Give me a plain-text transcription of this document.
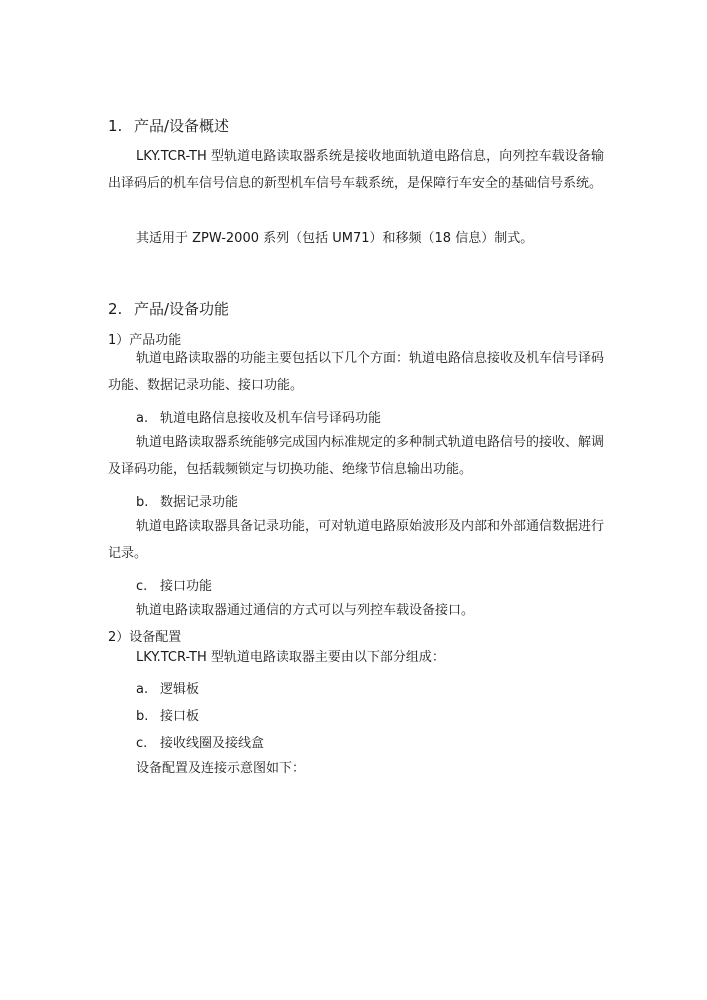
1. 产品/设备概述

LKY.TCR-TH 型轨道电路读取器系统是接收地面轨道电路信息，向列控车载设备输出译码后的机车信号信息的新型机车信号车载系统，是保障行车安全的基础信号系统。

其适用于 ZPW-2000 系列（包括 UM71）和移频（18 信息）制式。

2. 产品/设备功能

1）产品功能

轨道电路读取器的功能主要包括以下几个方面：轨道电路信息接收及机车信号译码功能、数据记录功能、接口功能。

a. 轨道电路信息接收及机车信号译码功能

轨道电路读取器系统能够完成国内标准规定的多种制式轨道电路信号的接收、解调及译码功能，包括载频锁定与切换功能、绝缘节信息输出功能。

b. 数据记录功能

轨道电路读取器具备记录功能，可对轨道电路原始波形及内部和外部通信数据进行记录。

c. 接口功能

轨道电路读取器通过通信的方式可以与列控车载设备接口。

2）设备配置

LKY.TCR-TH 型轨道电路读取器主要由以下部分组成：

a. 逻辑板
b. 接口板
c. 接收线圈及接线盒

设备配置及连接示意图如下：
